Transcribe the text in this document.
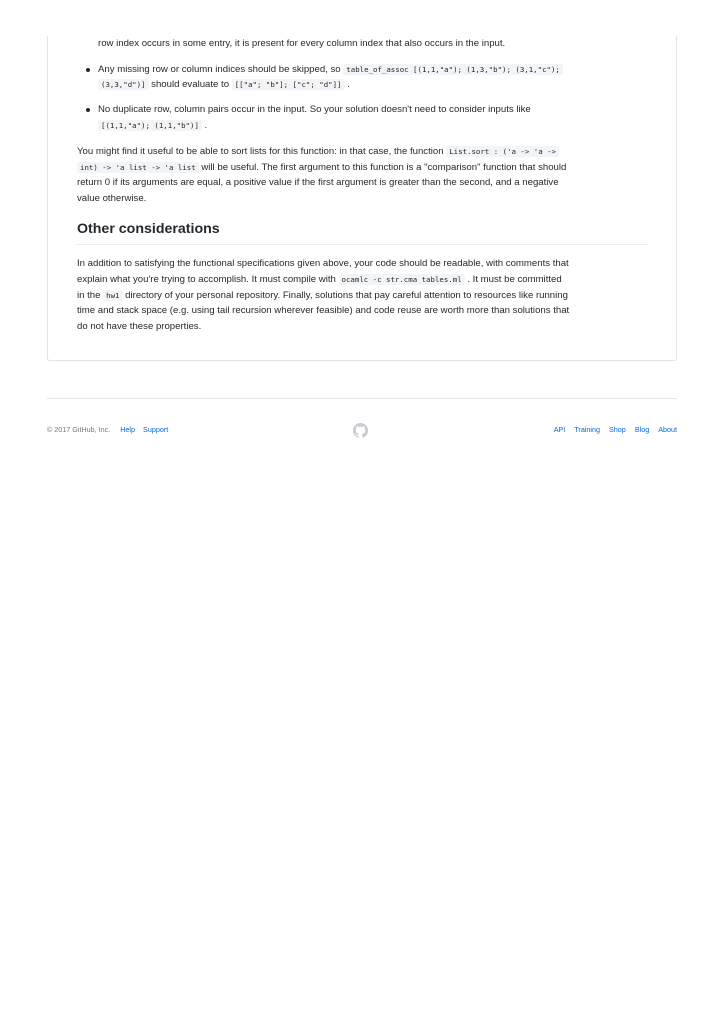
row index occurs in some entry, it is present for every column index that also occurs in the input.
Any missing row or column indices should be skipped, so table_of_assoc [(1,1,"a"); (1,3,"b"); (3,1,"c");
(3,3,"d")] should evaluate to [["a"; "b"]; ["c"; "d"]] .
No duplicate row, column pairs occur in the input. So your solution doesn't need to consider inputs like
[(1,1,"a"); (1,1,"b")] .
You might find it useful to be able to sort lists for this function: in that case, the function List.sort : ('a -> 'a ->
int) -> 'a list -> 'a list will be useful. The first argument to this function is a "comparison" function that should
return 0 if its arguments are equal, a positive value if the first argument is greater than the second, and a negative
value otherwise.
Other considerations
In addition to satisfying the functional specifications given above, your code should be readable, with comments that
explain what you're trying to accomplish. It must compile with ocamlc -c str.cma tables.ml . It must be committed
in the hw1 directory of your personal repository. Finally, solutions that pay careful attention to resources like running
time and stack space (e.g. using tail recursion wherever feasible) and code reuse are worth more than solutions that
do not have these properties.
© 2017 GitHub, Inc. Help Support	API Training Shop Blog About
